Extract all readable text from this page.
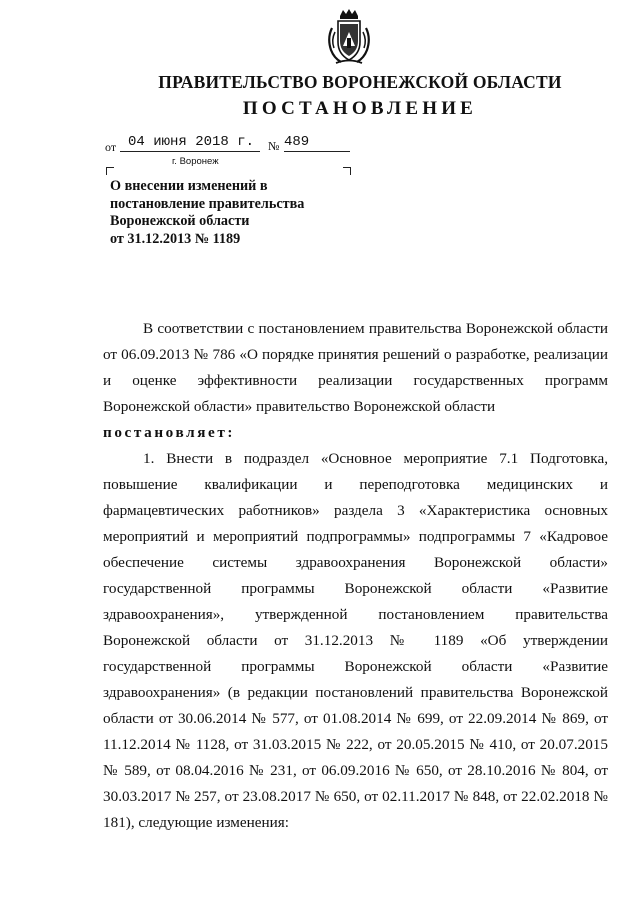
ПРАВИТЕЛЬСТВО ВОРОНЕЖСКОЙ ОБЛАСТИ
ПОСТАНОВЛЕНИЕ
от 04 июня 2018 г.	№ 489
г. Воронеж
О внесении изменений в
постановление правительства
Воронежской области
от 31.12.2013 № 1189
В соответствии с постановлением правительства Воронежской области от 06.09.2013 № 786 «О порядке принятия решений о разработке, реализации и оценке эффективности реализации государственных программ Воронежской области» правительство Воронежской области
постановляет:
1. Внести в подраздел «Основное мероприятие 7.1 Подготовка, повышение квалификации и переподготовка медицинских и фармацевтических работников» раздела 3 «Характеристика основных мероприятий и мероприятий подпрограммы» подпрограммы 7 «Кадровое обеспечение системы здравоохранения Воронежской области» государственной программы Воронежской области «Развитие здравоохранения», утвержденной постановлением правительства Воронежской области от 31.12.2013 № 1189 «Об утверждении государственной программы Воронежской области «Развитие здравоохранения» (в редакции постановлений правительства Воронежской области от 30.06.2014 № 577, от 01.08.2014 № 699, от 22.09.2014 № 869, от 11.12.2014 № 1128, от 31.03.2015 № 222, от 20.05.2015 № 410, от 20.07.2015 № 589, от 08.04.2016 № 231, от 06.09.2016 № 650, от 28.10.2016 № 804, от 30.03.2017 № 257, от 23.08.2017 № 650, от 02.11.2017 № 848, от 22.02.2018 № 181), следующие изменения:
